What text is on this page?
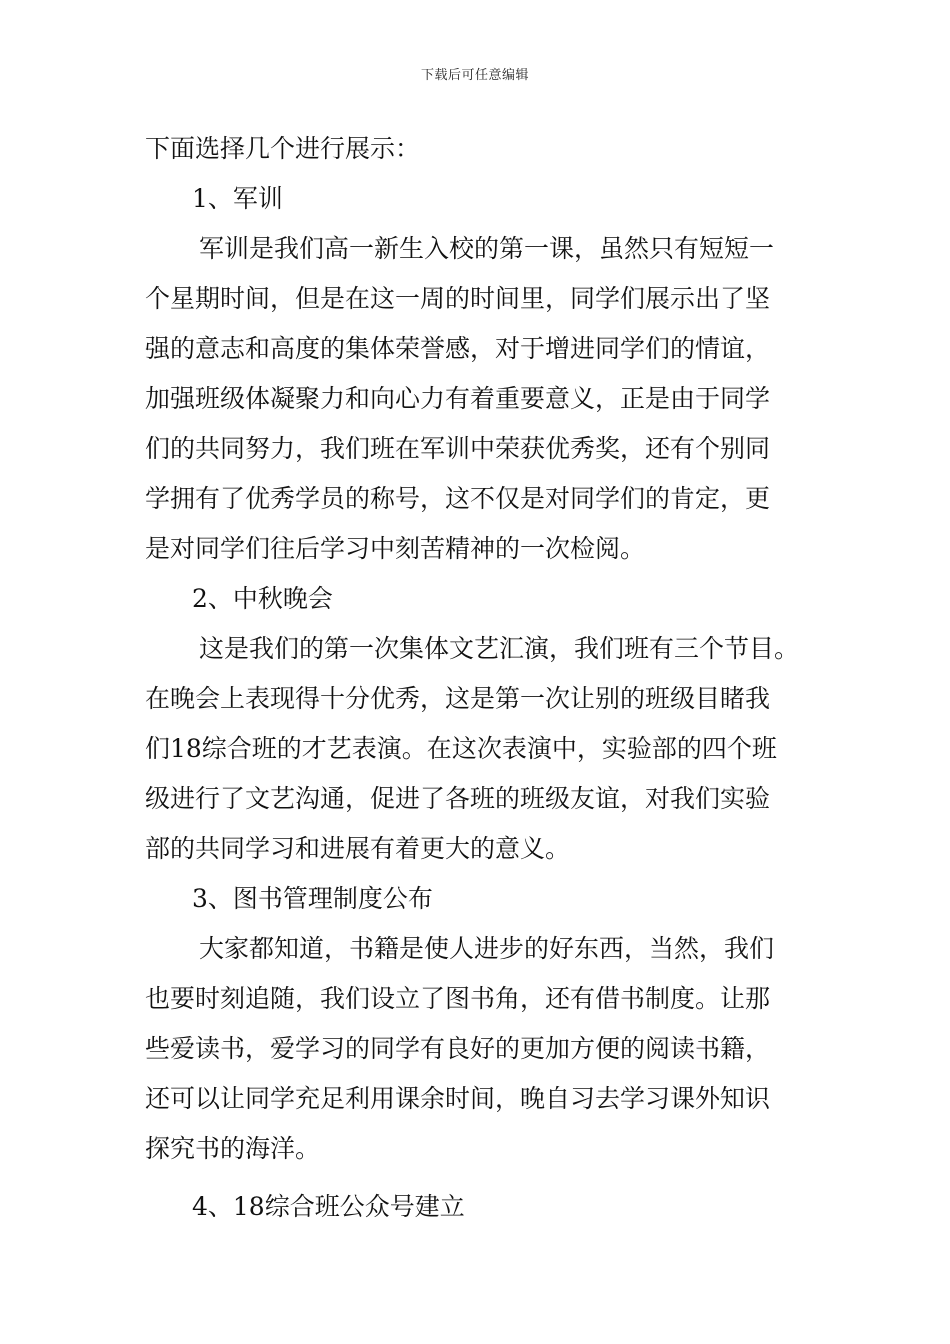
下载后可任意编辑
下面选择几个进行展示：
1、军训
军训是我们高一新生入校的第一课，虽然只有短短一
个星期时间，但是在这一周的时间里，同学们展示出了坚
强的意志和高度的集体荣誉感，对于增进同学们的情谊，
加强班级体凝聚力和向心力有着重要意义，正是由于同学
们的共同努力，我们班在军训中荣获优秀奖，还有个别同
学拥有了优秀学员的称号，这不仅是对同学们的肯定，更
是对同学们往后学习中刻苦精神的一次检阅。
2、中秋晚会
这是我们的第一次集体文艺汇演，我们班有三个节目。
在晚会上表现得十分优秀，这是第一次让别的班级目睹我
们18综合班的才艺表演。在这次表演中，实验部的四个班
级进行了文艺沟通，促进了各班的班级友谊，对我们实验
部的共同学习和进展有着更大的意义。
3、图书管理制度公布
大家都知道，书籍是使人进步的好东西，当然，我们
也要时刻追随，我们设立了图书角，还有借书制度。让那
些爱读书，爱学习的同学有良好的更加方便的阅读书籍，
还可以让同学充足利用课余时间，晚自习去学习课外知识
探究书的海洋。
4、18综合班公众号建立
